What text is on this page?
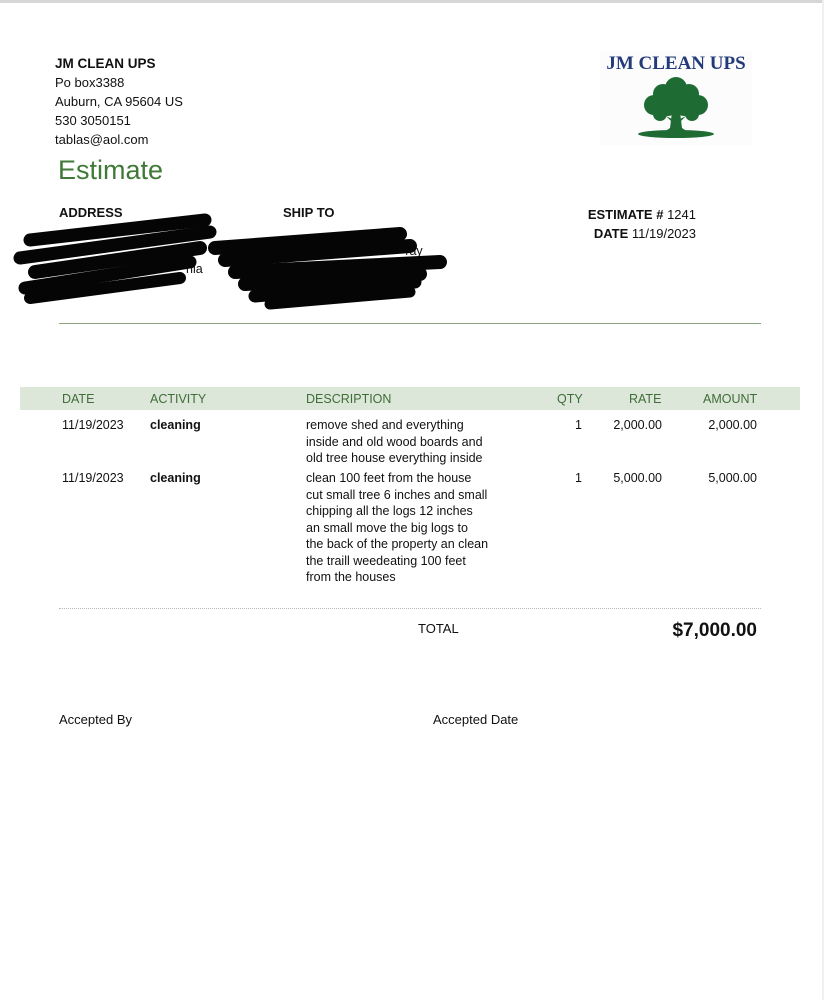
JM CLEAN UPS
Po box3388
Auburn, CA 95604 US
530 3050151
tablas@aol.com
JM CLEAN UPS
Estimate
ADDRESS	SHIP TO	ESTIMATE # 1241
DATE 11/19/2023
/ay
nia
DATE	ACTIVITY	DESCRIPTION	QTY	RATE	AMOUNT
11/19/2023 cleaning	remove shed and everything
inside and old wood boards and
old tree house everything inside
1	2,000.00	2,000.00
11/19/2023 cleaning	clean 100 feet from the house
cut small tree 6 inches and small
chipping all the logs 12 inches
an small move the big logs to
the back of the property an clean
the traill weedeating 100 feet
from the houses
1	5,000.00	5,000.00
TOTAL	$7,000.00
Accepted By	Accepted Date
